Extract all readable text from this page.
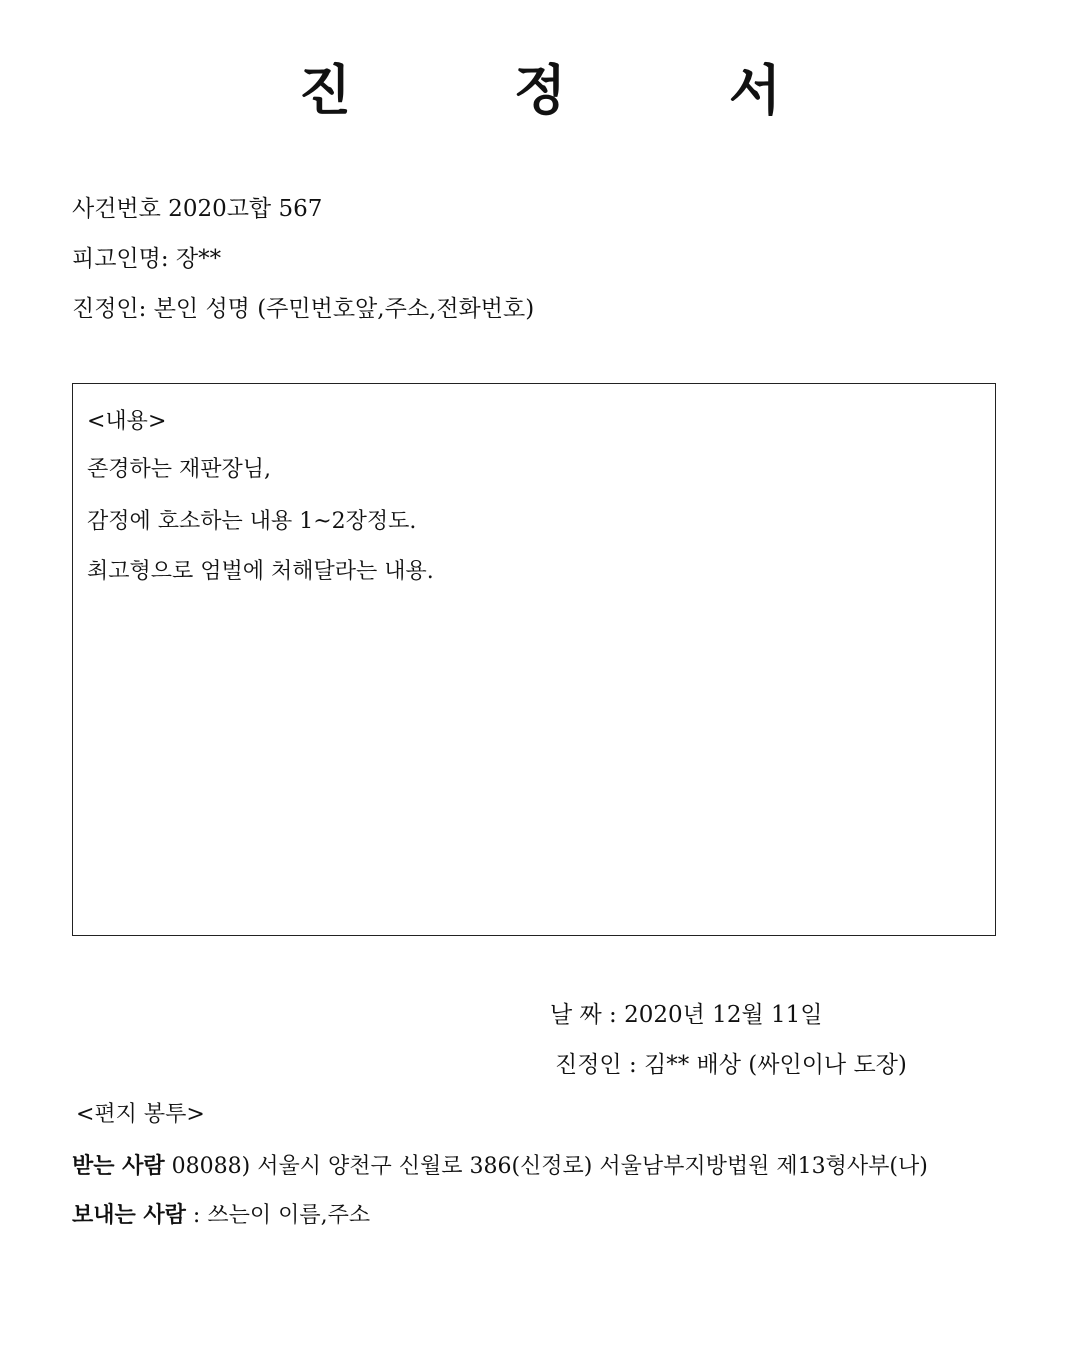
진 정 서
사건번호 2020고합 567
피고인명: 장**
진정인: 본인 성명 (주민번호앞,주소,전화번호)
<내용>
존경하는 재판장님,
감정에 호소하는 내용 1~2장정도.
최고형으로 엄벌에 처해달라는 내용.
날 짜 : 2020년 12월 11일
진정인 : 김** 배상 (싸인이나 도장)
<편지 봉투>
받는 사람 08088) 서울시 양천구 신월로 386(신정로) 서울남부지방법원 제13형사부(나)
보내는 사람 : 쓰는이 이름,주소
